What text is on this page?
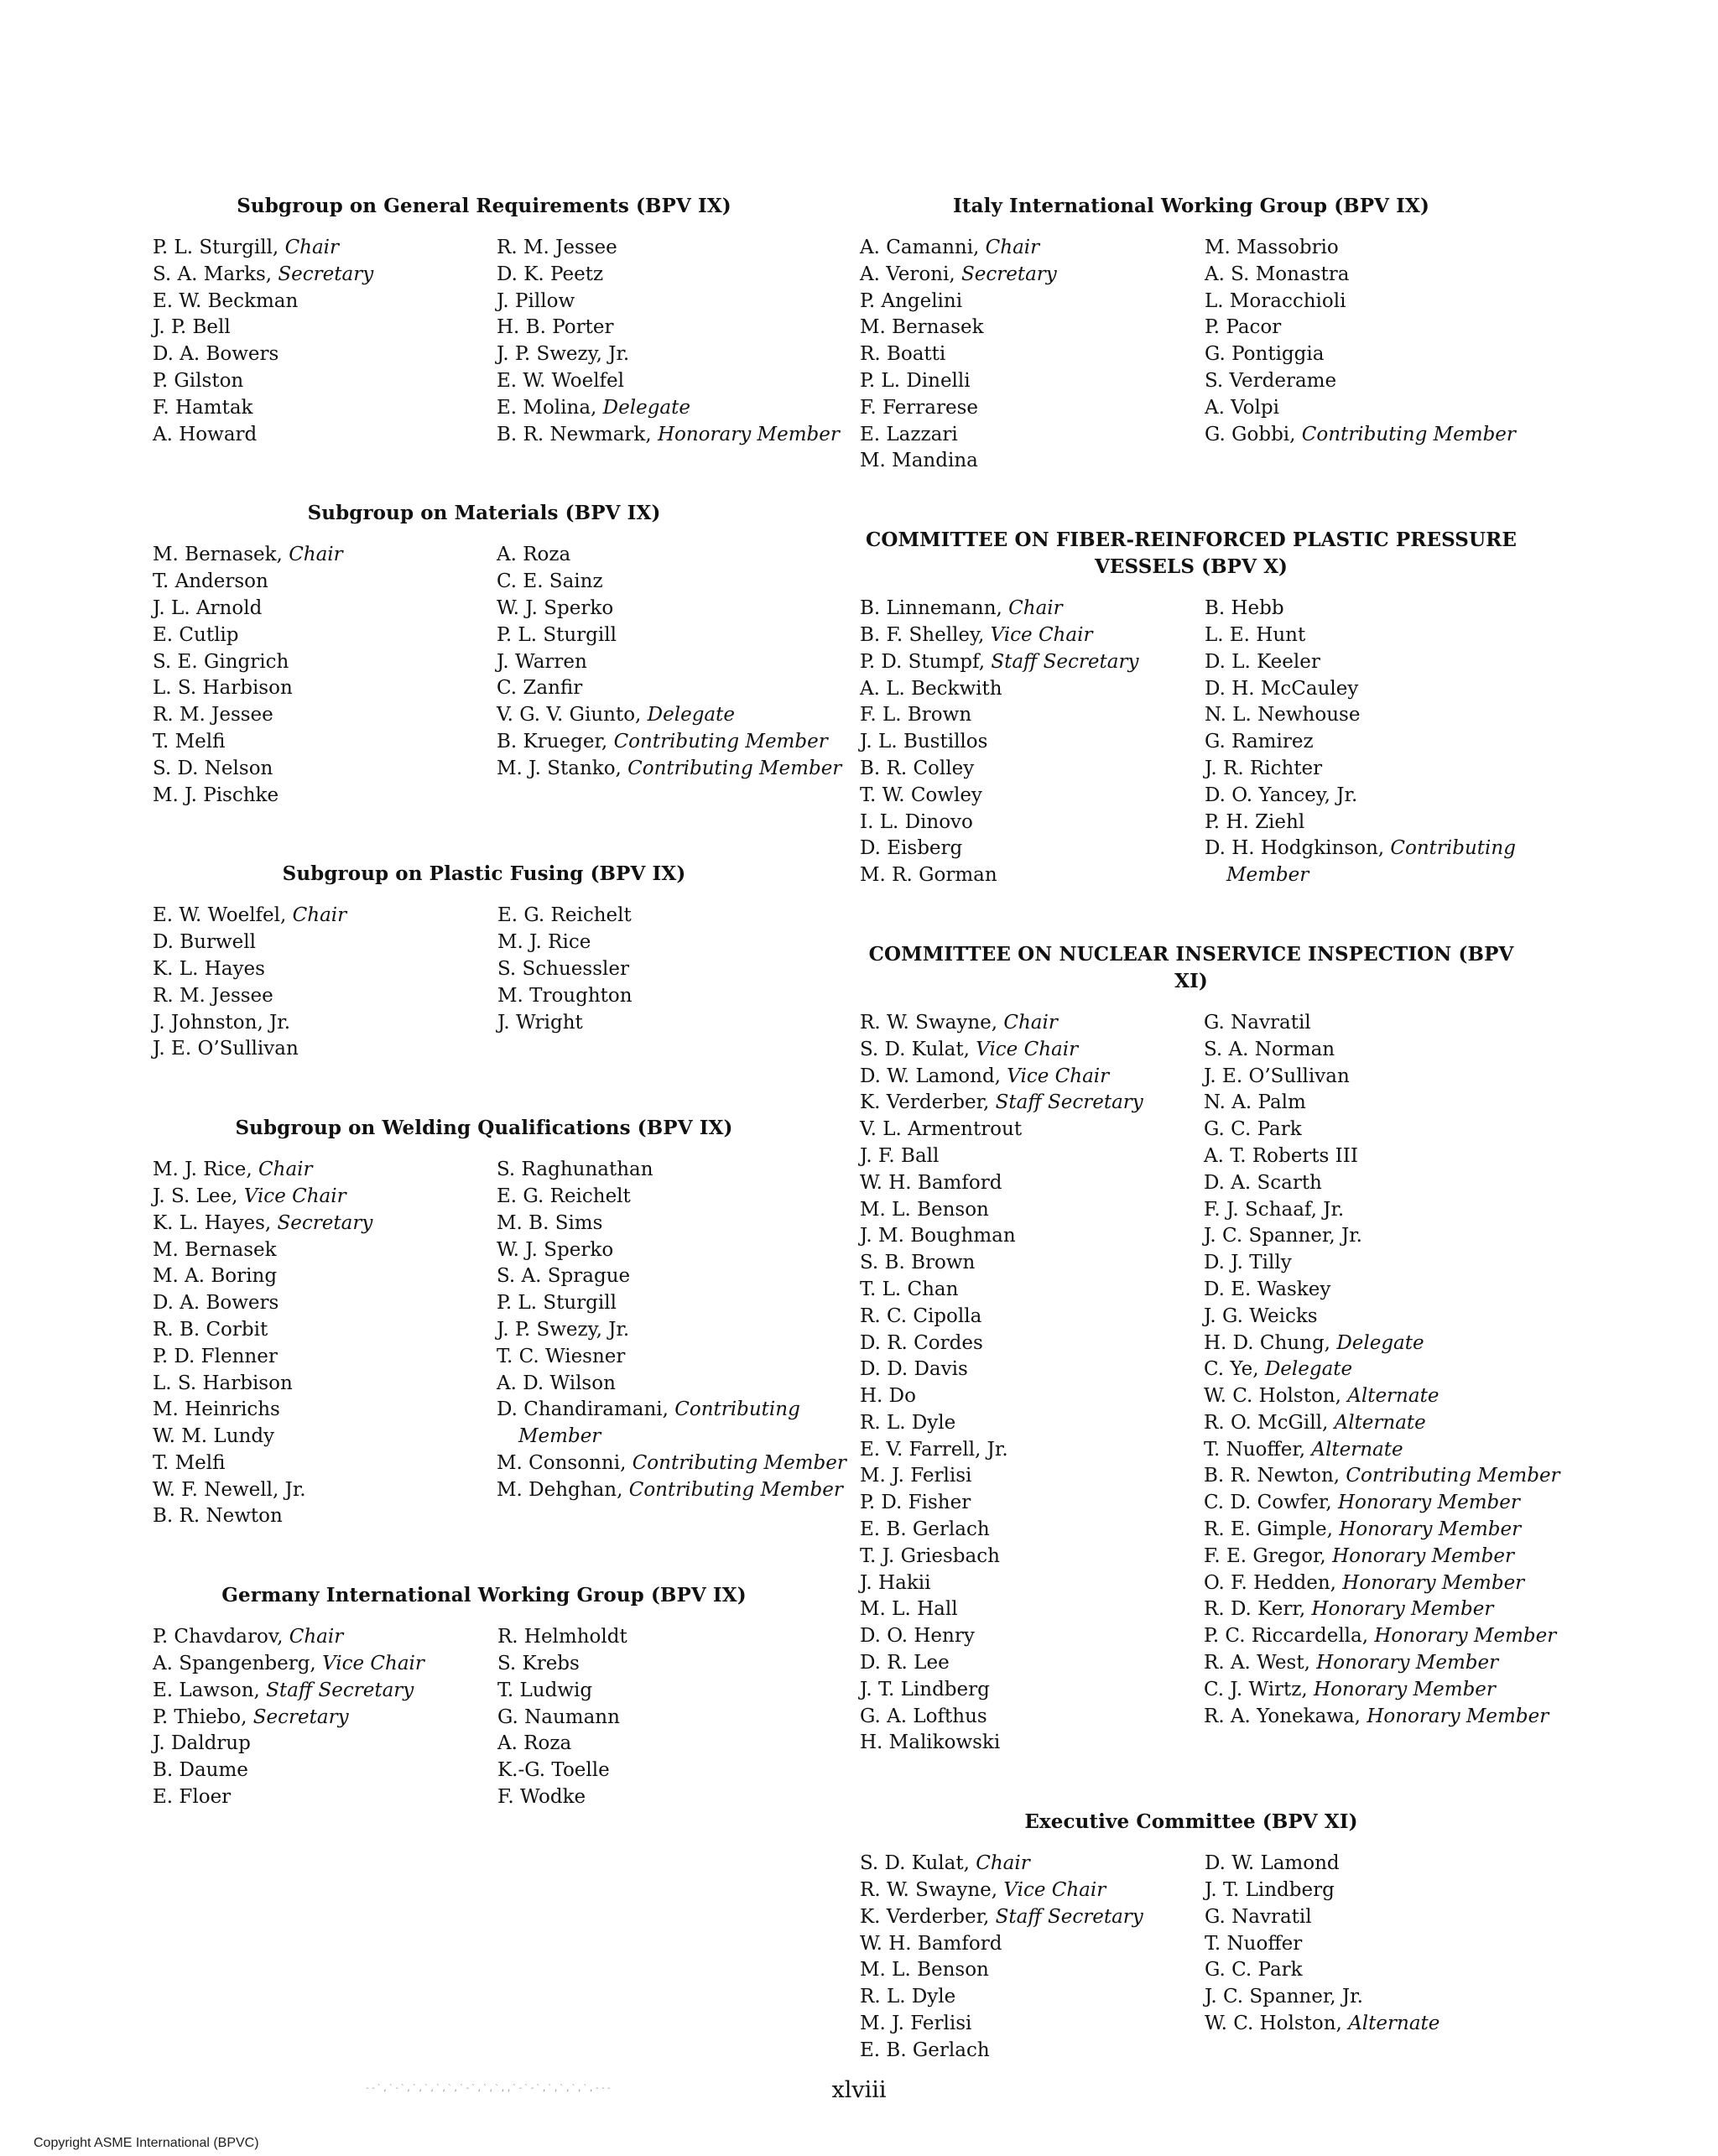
Subgroup on General Requirements (BPV IX)
P. L. Sturgill, Chair
S. A. Marks, Secretary
E. W. Beckman
J. P. Bell
D. A. Bowers
P. Gilston
F. Hamtak
A. Howard
R. M. Jessee
D. K. Peetz
J. Pillow
H. B. Porter
J. P. Swezy, Jr.
E. W. Woelfel
E. Molina, Delegate
B. R. Newmark, Honorary Member
Subgroup on Materials (BPV IX)
M. Bernasek, Chair
T. Anderson
J. L. Arnold
E. Cutlip
S. E. Gingrich
L. S. Harbison
R. M. Jessee
T. Melfi
S. D. Nelson
M. J. Pischke
A. Roza
C. E. Sainz
W. J. Sperko
P. L. Sturgill
J. Warren
C. Zanfir
V. G. V. Giunto, Delegate
B. Krueger, Contributing Member
M. J. Stanko, Contributing Member
Subgroup on Plastic Fusing (BPV IX)
E. W. Woelfel, Chair
D. Burwell
K. L. Hayes
R. M. Jessee
J. Johnston, Jr.
J. E. O’Sullivan
E. G. Reichelt
M. J. Rice
S. Schuessler
M. Troughton
J. Wright
Subgroup on Welding Qualifications (BPV IX)
M. J. Rice, Chair
J. S. Lee, Vice Chair
K. L. Hayes, Secretary
M. Bernasek
M. A. Boring
D. A. Bowers
R. B. Corbit
P. D. Flenner
L. S. Harbison
M. Heinrichs
W. M. Lundy
T. Melfi
W. F. Newell, Jr.
B. R. Newton
S. Raghunathan
E. G. Reichelt
M. B. Sims
W. J. Sperko
S. A. Sprague
P. L. Sturgill
J. P. Swezy, Jr.
T. C. Wiesner
A. D. Wilson
D. Chandiramani, Contributing Member
M. Consonni, Contributing Member
M. Dehghan, Contributing Member
Germany International Working Group (BPV IX)
P. Chavdarov, Chair
A. Spangenberg, Vice Chair
E. Lawson, Staff Secretary
P. Thiebo, Secretary
J. Daldrup
B. Daume
E. Floer
R. Helmholdt
S. Krebs
T. Ludwig
G. Naumann
A. Roza
K.-G. Toelle
F. Wodke
Italy International Working Group (BPV IX)
A. Camanni, Chair
A. Veroni, Secretary
P. Angelini
M. Bernasek
R. Boatti
P. L. Dinelli
F. Ferrarese
E. Lazzari
M. Mandina
M. Massobrio
A. S. Monastra
L. Moracchioli
P. Pacor
G. Pontiggia
S. Verderame
A. Volpi
G. Gobbi, Contributing Member
COMMITTEE ON FIBER-REINFORCED PLASTIC PRESSURE VESSELS (BPV X)
B. Linnemann, Chair
B. F. Shelley, Vice Chair
P. D. Stumpf, Staff Secretary
A. L. Beckwith
F. L. Brown
J. L. Bustillos
B. R. Colley
T. W. Cowley
I. L. Dinovo
D. Eisberg
M. R. Gorman
B. Hebb
L. E. Hunt
D. L. Keeler
D. H. McCauley
N. L. Newhouse
G. Ramirez
J. R. Richter
D. O. Yancey, Jr.
P. H. Ziehl
D. H. Hodgkinson, Contributing Member
COMMITTEE ON NUCLEAR INSERVICE INSPECTION (BPV XI)
R. W. Swayne, Chair
S. D. Kulat, Vice Chair
D. W. Lamond, Vice Chair
K. Verderber, Staff Secretary
V. L. Armentrout
J. F. Ball
W. H. Bamford
M. L. Benson
J. M. Boughman
S. B. Brown
T. L. Chan
R. C. Cipolla
D. R. Cordes
D. D. Davis
H. Do
R. L. Dyle
E. V. Farrell, Jr.
M. J. Ferlisi
P. D. Fisher
E. B. Gerlach
T. J. Griesbach
J. Hakii
M. L. Hall
D. O. Henry
D. R. Lee
J. T. Lindberg
G. A. Lofthus
H. Malikowski
G. Navratil
S. A. Norman
J. E. O’Sullivan
N. A. Palm
G. C. Park
A. T. Roberts III
D. A. Scarth
F. J. Schaaf, Jr.
J. C. Spanner, Jr.
D. J. Tilly
D. E. Waskey
J. G. Weicks
H. D. Chung, Delegate
C. Ye, Delegate
W. C. Holston, Alternate
R. O. McGill, Alternate
T. Nuoffer, Alternate
B. R. Newton, Contributing Member
C. D. Cowfer, Honorary Member
R. E. Gimple, Honorary Member
F. E. Gregor, Honorary Member
O. F. Hedden, Honorary Member
R. D. Kerr, Honorary Member
P. C. Riccardella, Honorary Member
R. A. West, Honorary Member
C. J. Wirtz, Honorary Member
R. A. Yonekawa, Honorary Member
Executive Committee (BPV XI)
S. D. Kulat, Chair
R. W. Swayne, Vice Chair
K. Verderber, Staff Secretary
W. H. Bamford
M. L. Benson
R. L. Dyle
M. J. Ferlisi
E. B. Gerlach
D. W. Lamond
J. T. Lindberg
G. Navratil
T. Nuoffer
G. C. Park
J. C. Spanner, Jr.
W. C. Holston, Alternate
--`,`-`,`,`,`,`,`-`,`,`,,`-`-`,`,`,`,`,---	xlviii
Copyright ASME International (BPVC)
